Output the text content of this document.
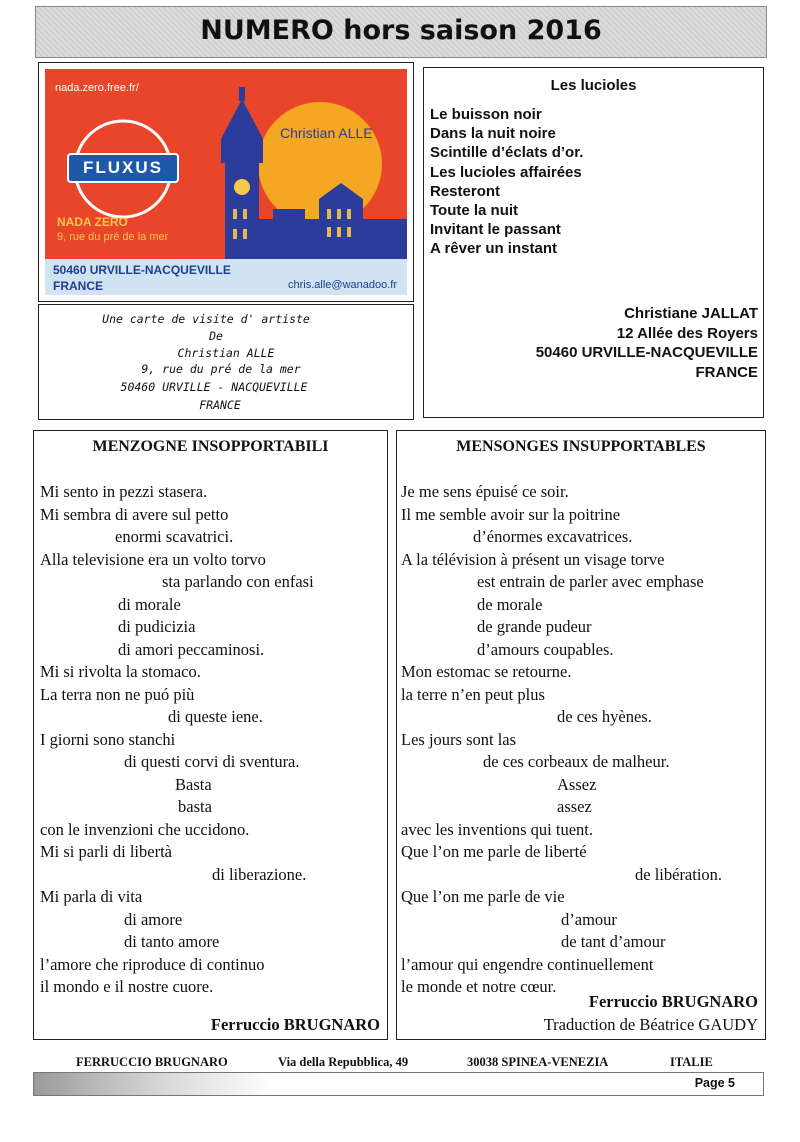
NUMERO hors saison 2016
nada.zero.free.fr/
FLUXUS
Christian ALLE
NADA ZERO
9, rue du pré de la mer
50460 URVILLE-NACQUEVILLE
FRANCE	chris.alle@wanadoo.fr
Une carte de visite d' artiste
De
Christian ALLE
9, rue du pré de la mer
50460 URVILLE - NACQUEVILLE
FRANCE
Les lucioles
Le buisson noir
Dans la nuit noire
Scintille d’éclats d’or.
Les lucioles affairées
Resteront
Toute la nuit
Invitant le passant
A rêver un instant
Christiane JALLAT
12 Allée des Royers
50460 URVILLE-NACQUEVILLE
FRANCE
MENZOGNE INSOPPORTABILI
Mi sento in pezzi stasera.
Mi sembra di avere sul petto
enormi scavatrici.
Alla televisione era un volto torvo
sta parlando con enfasi
di morale
di pudicizia
di amori peccaminosi.
Mi si rivolta la stomaco.
La terra non ne puó più
di queste iene.
I giorni sono stanchi
di questi corvi di sventura.
Basta
basta
con le invenzioni che uccidono.
Mi si parli di libertà
di liberazione.
Mi parla di vita
di amore
di tanto amore
l’amore che riproduce di continuo
il mondo e il nostre cuore.
Ferruccio BRUGNARO
MENSONGES INSUPPORTABLES
Je me sens épuisé ce soir.
Il me semble avoir sur la poitrine
d’énormes excavatrices.
A la télévision à présent un visage torve
est entrain de parler avec emphase
de morale
de grande pudeur
d’amours coupables.
Mon estomac se retourne.
la terre n’en peut plus
de ces hyènes.
Les jours sont las
de ces corbeaux de malheur.
Assez
assez
avec les inventions qui tuent.
Que l’on me parle de liberté
de libération.
Que l’on me parle de vie
d’amour
de tant d’amour
l’amour qui engendre continuellement
le monde et notre cœur.
Ferruccio BRUGNARO
Traduction de Béatrice GAUDY
FERRUCCIO BRUGNARO	Via della Repubblica, 49	30038 SPINEA-VENEZIA	ITALIE
Page 5
